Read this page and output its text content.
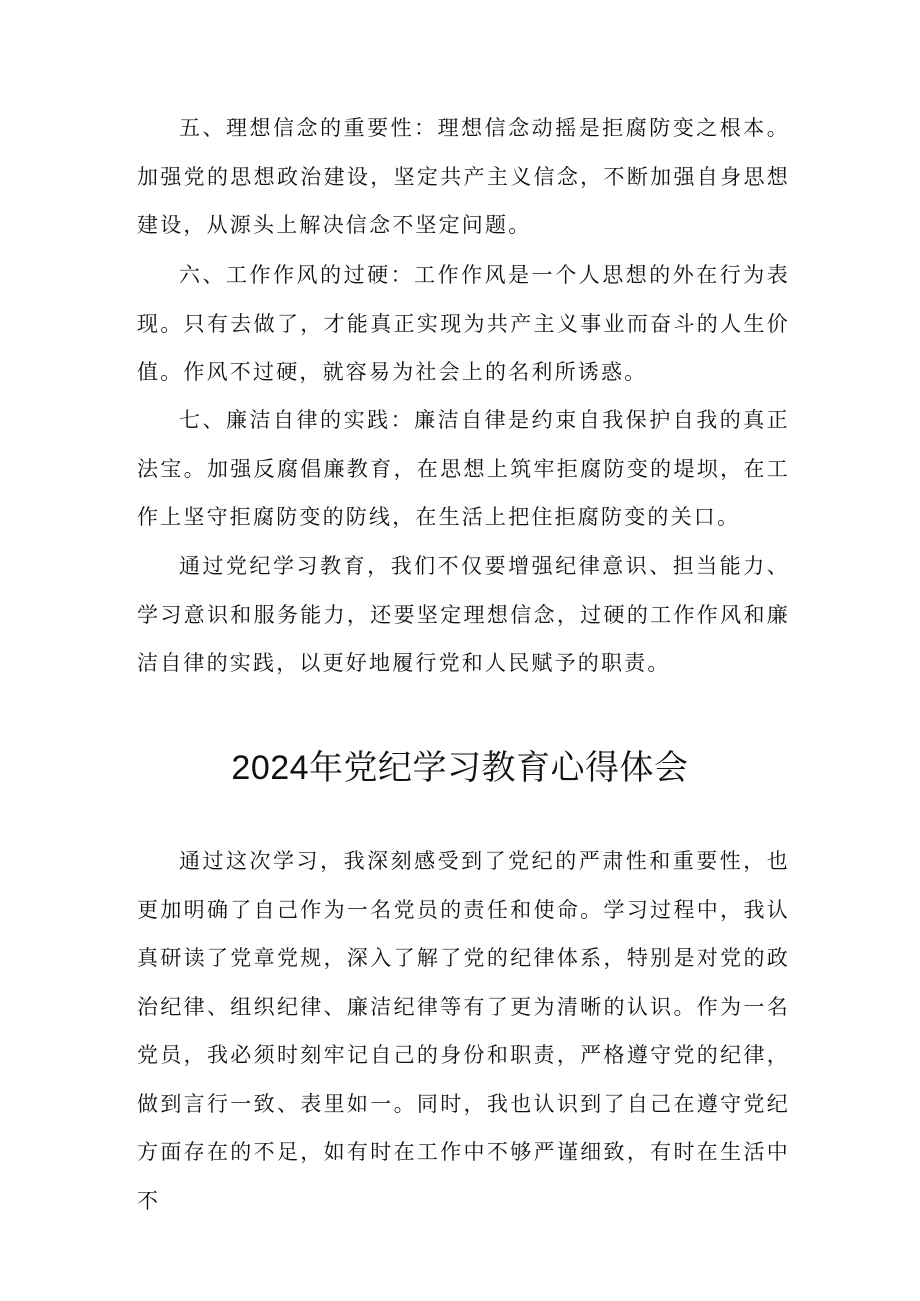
五、理想信念的重要性：理想信念动摇是拒腐防变之根本。加强党的思想政治建设，坚定共产主义信念，不断加强自身思想建设，从源头上解决信念不坚定问题。

六、工作作风的过硬：工作作风是一个人思想的外在行为表现。只有去做了，才能真正实现为共产主义事业而奋斗的人生价值。作风不过硬，就容易为社会上的名利所诱惑。

七、廉洁自律的实践：廉洁自律是约束自我保护自我的真正法宝。加强反腐倡廉教育，在思想上筑牢拒腐防变的堤坝，在工作上坚守拒腐防变的防线，在生活上把住拒腐防变的关口。

通过党纪学习教育，我们不仅要增强纪律意识、担当能力、学习意识和服务能力，还要坚定理想信念，过硬的工作作风和廉洁自律的实践，以更好地履行党和人民赋予的职责。

2024年党纪学习教育心得体会

通过这次学习，我深刻感受到了党纪的严肃性和重要性，也更加明确了自己作为一名党员的责任和使命。学习过程中，我认真研读了党章党规，深入了解了党的纪律体系，特别是对党的政治纪律、组织纪律、廉洁纪律等有了更为清晰的认识。作为一名党员，我必须时刻牢记自己的身份和职责，严格遵守党的纪律，做到言行一致、表里如一。同时，我也认识到了自己在遵守党纪方面存在的不足，如有时在工作中不够严谨细致，有时在生活中不
